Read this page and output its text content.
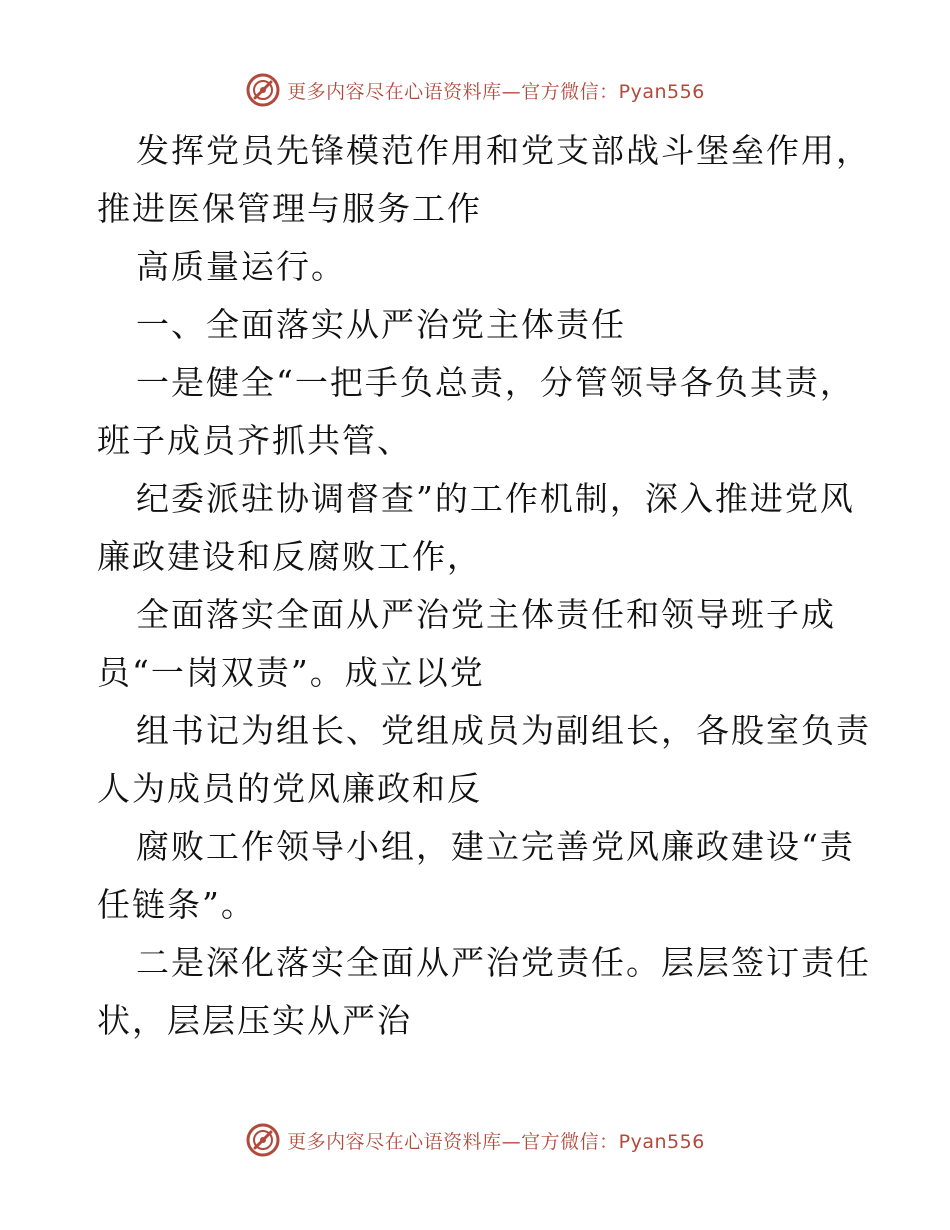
更多内容尽在心语资料库—官方微信：Pyan556
发挥党员先锋模范作用和党支部战斗堡垒作用，
推进医保管理与服务工作
高质量运行。
一、全面落实从严治党主体责任
一是健全“一把手负总责，分管领导各负其责，
班子成员齐抓共管、
纪委派驻协调督查”的工作机制，深入推进党风
廉政建设和反腐败工作，
全面落实全面从严治党主体责任和领导班子成
员“一岗双责”。成立以党
组书记为组长、党组成员为副组长，各股室负责
人为成员的党风廉政和反
腐败工作领导小组，建立完善党风廉政建设“责
任链条”。
二是深化落实全面从严治党责任。层层签订责任
状，层层压实从严治
更多内容尽在心语资料库—官方微信：Pyan556
